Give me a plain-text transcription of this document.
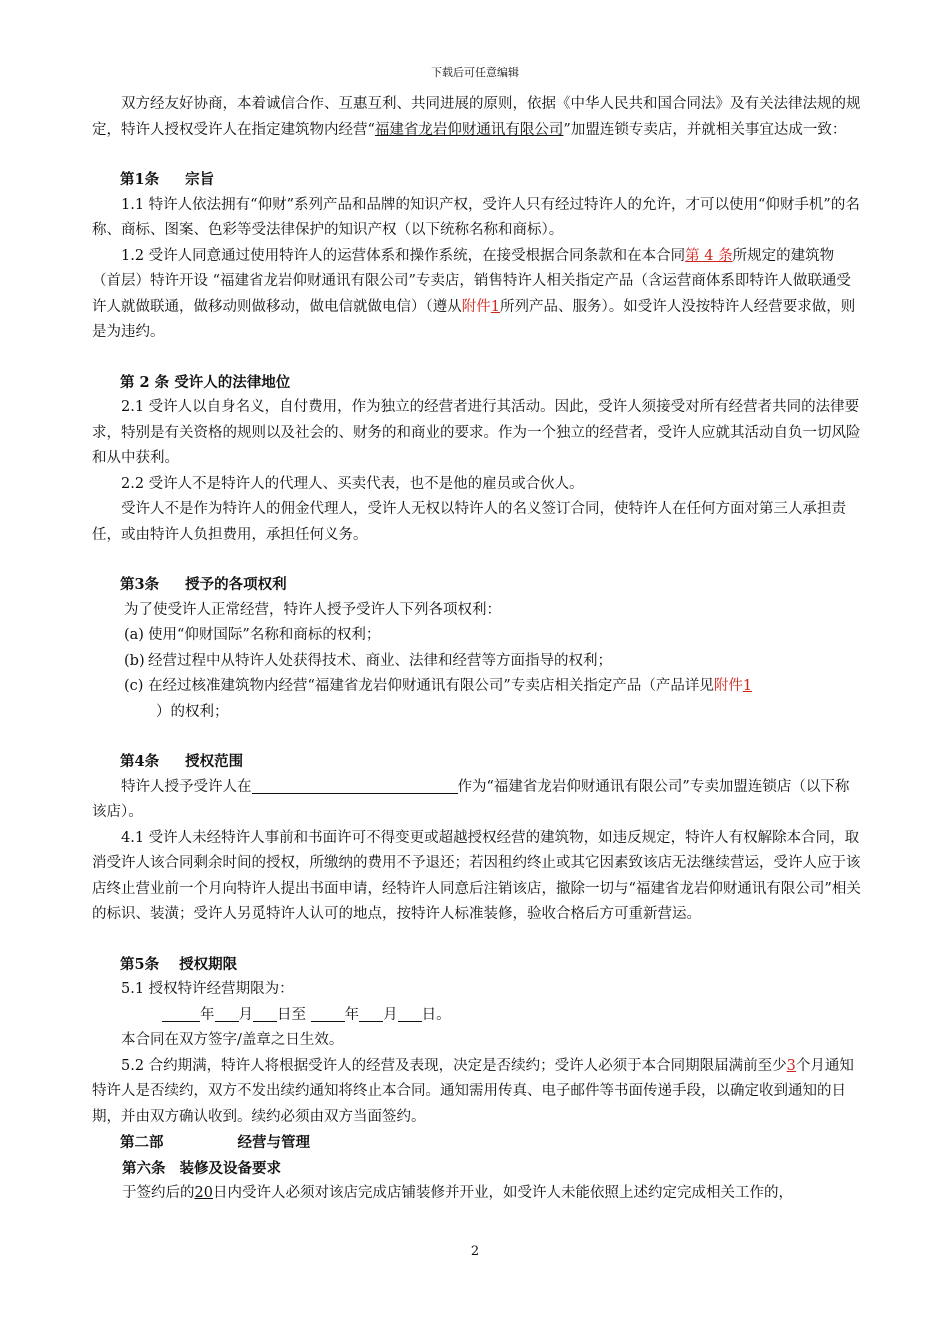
下载后可任意编辑

双方经友好协商，本着诚信合作、互惠互利、共同进展的原则，依据《中华人民共和国合同法》及有关法律法规的规定，特许人授权受许人在指定建筑物内经营“福建省龙岩仰财通讯有限公司”加盟连锁专卖店，并就相关事宜达成一致：

第1条 宗旨

1.1 特许人依法拥有“仰财”系列产品和品牌的知识产权，受许人只有经过特许人的允许，才可以使用“仰财手机”的名称、商标、图案、色彩等受法律保护的知识产权（以下统称名称和商标）。

1.2 受许人同意通过使用特许人的运营体系和操作系统，在接受根据合同条款和在本合同第 4 条所规定的建筑物（首层）特许开设 “福建省龙岩仰财通讯有限公司”专卖店，销售特许人相关指定产品（含运营商体系即特许人做联通受许人就做联通，做移动则做移动，做电信就做电信）（遵从附件1所列产品、服务）。如受许人没按特许人经营要求做，则是为违约。

第 2 条 受许人的法律地位

2.1 受许人以自身名义，自付费用，作为独立的经营者进行其活动。因此，受许人须接受对所有经营者共同的法律要求，特别是有关资格的规则以及社会的、财务的和商业的要求。作为一个独立的经营者，受许人应就其活动自负一切风险和从中获利。

2.2 受许人不是特许人的代理人、买卖代表，也不是他的雇员或合伙人。

受许人不是作为特许人的佣金代理人，受许人无权以特许人的名义签订合同，使特许人在任何方面对第三人承担责任，或由特许人负担费用，承担任何义务。

第3条 授予的各项权利

为了使受许人正常经营，特许人授予受许人下列各项权利：

(a) 使用“仰财国际”名称和商标的权利；

(b) 经营过程中从特许人处获得技术、商业、法律和经营等方面指导的权利；

(c) 在经过核准建筑物内经营“福建省龙岩仰财通讯有限公司”专卖店相关指定产品（产品详见附件1

）的权利；

第4条 授权范围

特许人授予受许人在	作为“福建省龙岩仰财通讯有限公司”专卖加盟连锁店（以下称该店）。

4.1 受许人未经特许人事前和书面许可不得变更或超越授权经营的建筑物，如违反规定，特许人有权解除本合同，取消受许人该合同剩余时间的授权，所缴纳的费用不予退还；若因租约终止或其它因素致该店无法继续营运，受许人应于该店终止营业前一个月向特许人提出书面申请，经特许人同意后注销该店，撤除一切与“福建省龙岩仰财通讯有限公司”相关的标识、装潢；受许人另觅特许人认可的地点，按特许人标准装修，验收合格后方可重新营运。

第5条 授权期限

5.1 授权特许经营期限为：

年 月 日至	年 月 日。

本合同在双方签字/盖章之日生效。

5.2 合约期满，特许人将根据受许人的经营及表现，决定是否续约；受许人必须于本合同期限届满前至少3个月通知特许人是否续约，双方不发出续约通知将终止本合同。通知需用传真、电子邮件等书面传递手段，以确定收到通知的日期，并由双方确认收到。续约必须由双方当面签约。

第二部	经营与管理

第六条 装修及设备要求

于签约后的20日内受许人必须对该店完成店铺装修并开业，如受许人未能依照上述约定完成相关工作的，

2
